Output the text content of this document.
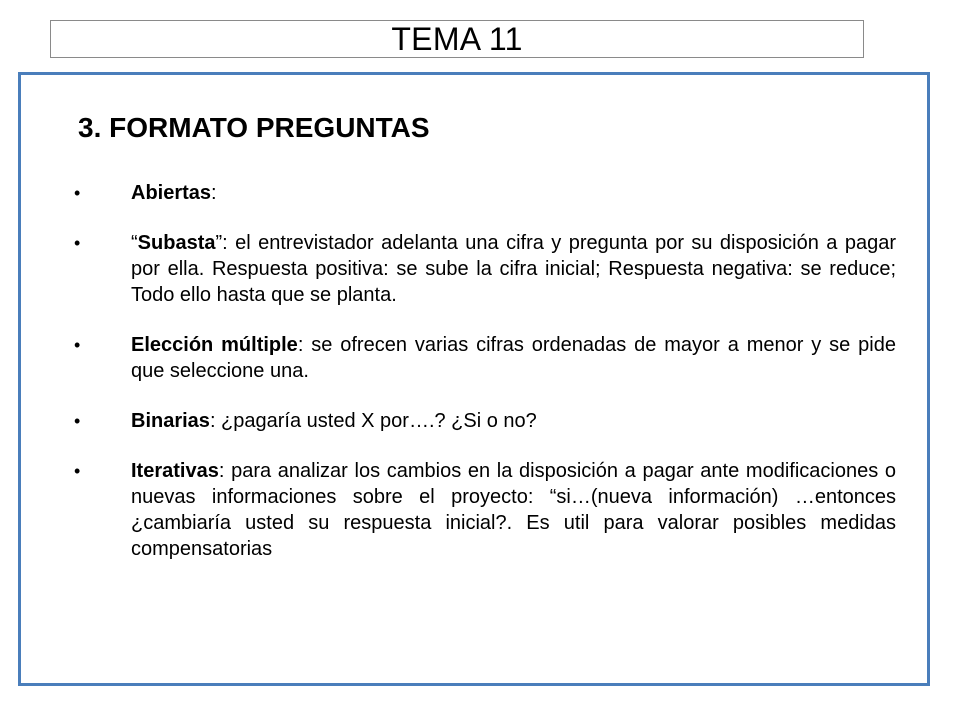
TEMA 11
3. FORMATO PREGUNTAS
•	Abiertas:
•	“Subasta”: el entrevistador adelanta una cifra y pregunta por su disposición a pagar por ella. Respuesta positiva: se sube la cifra inicial; Respuesta negativa: se reduce; Todo ello hasta que se planta.
•	Elección múltiple: se ofrecen varias cifras ordenadas de mayor a menor y se pide que seleccione una.
•	Binarias: ¿pagaría usted X por….? ¿Si o no?
•	Iterativas: para analizar los cambios en la disposición a pagar ante modificaciones o nuevas informaciones sobre el proyecto: “si…(nueva información) …entonces ¿cambiaría usted su respuesta inicial?. Es util para valorar posibles medidas compensatorias
